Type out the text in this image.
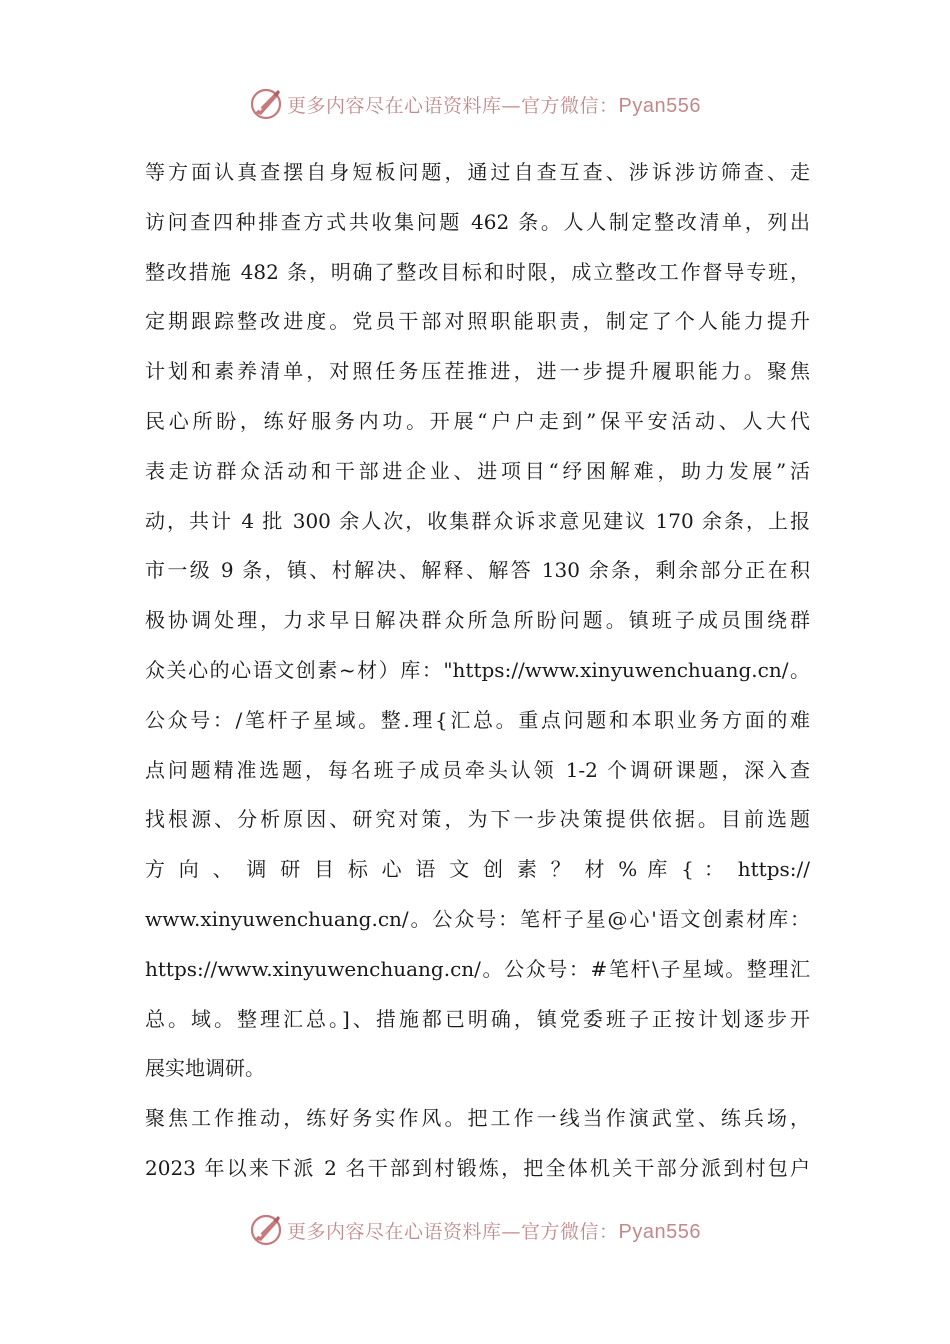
更多内容尽在心语资料库—官方微信：Pyan556
等方面认真查摆自身短板问题，通过自查互查、涉诉涉访筛查、走
访问查四种排查方式共收集问题 462 条。人人制定整改清单，列出
整改措施 482 条，明确了整改目标和时限，成立整改工作督导专班，
定期跟踪整改进度。党员干部对照职能职责，制定了个人能力提升
计划和素养清单，对照任务压茬推进，进一步提升履职能力。聚焦
民心所盼，练好服务内功。开展“户户走到”保平安活动、人大代
表走访群众活动和干部进企业、进项目“纾困解难，助力发展”活
动，共计 4 批 300 余人次，收集群众诉求意见建议 170 余条，上报
市一级 9 条，镇、村解决、解释、解答 130 余条，剩余部分正在积
极协调处理，力求早日解决群众所急所盼问题。镇班子成员围绕群
众关心的心语文创素~材）库："https://www.xinyuwenchuang.cn/。
公众号：/笔杆子星域。整.理{汇总。重点问题和本职业务方面的难
点问题精准选题，每名班子成员牵头认领 1-2 个调研课题，深入查
找根源、分析原因、研究对策，为下一步决策提供依据。目前选题
方 向 、 调 研 目 标 心 语 文 创 素 ？ 材 % 库 { ： https://
www.xinyuwenchuang.cn/。公众号：笔杆子星@心'语文创素材库：
https://www.xinyuwenchuang.cn/。公众号：#笔杆\子星域。整理汇
总。域。整理汇总。]、措施都已明确，镇党委班子正按计划逐步开
展实地调研。
聚焦工作推动，练好务实作风。把工作一线当作演武堂、练兵场，
2023 年以来下派 2 名干部到村锻炼，把全体机关干部分派到村包户
更多内容尽在心语资料库—官方微信：Pyan556
